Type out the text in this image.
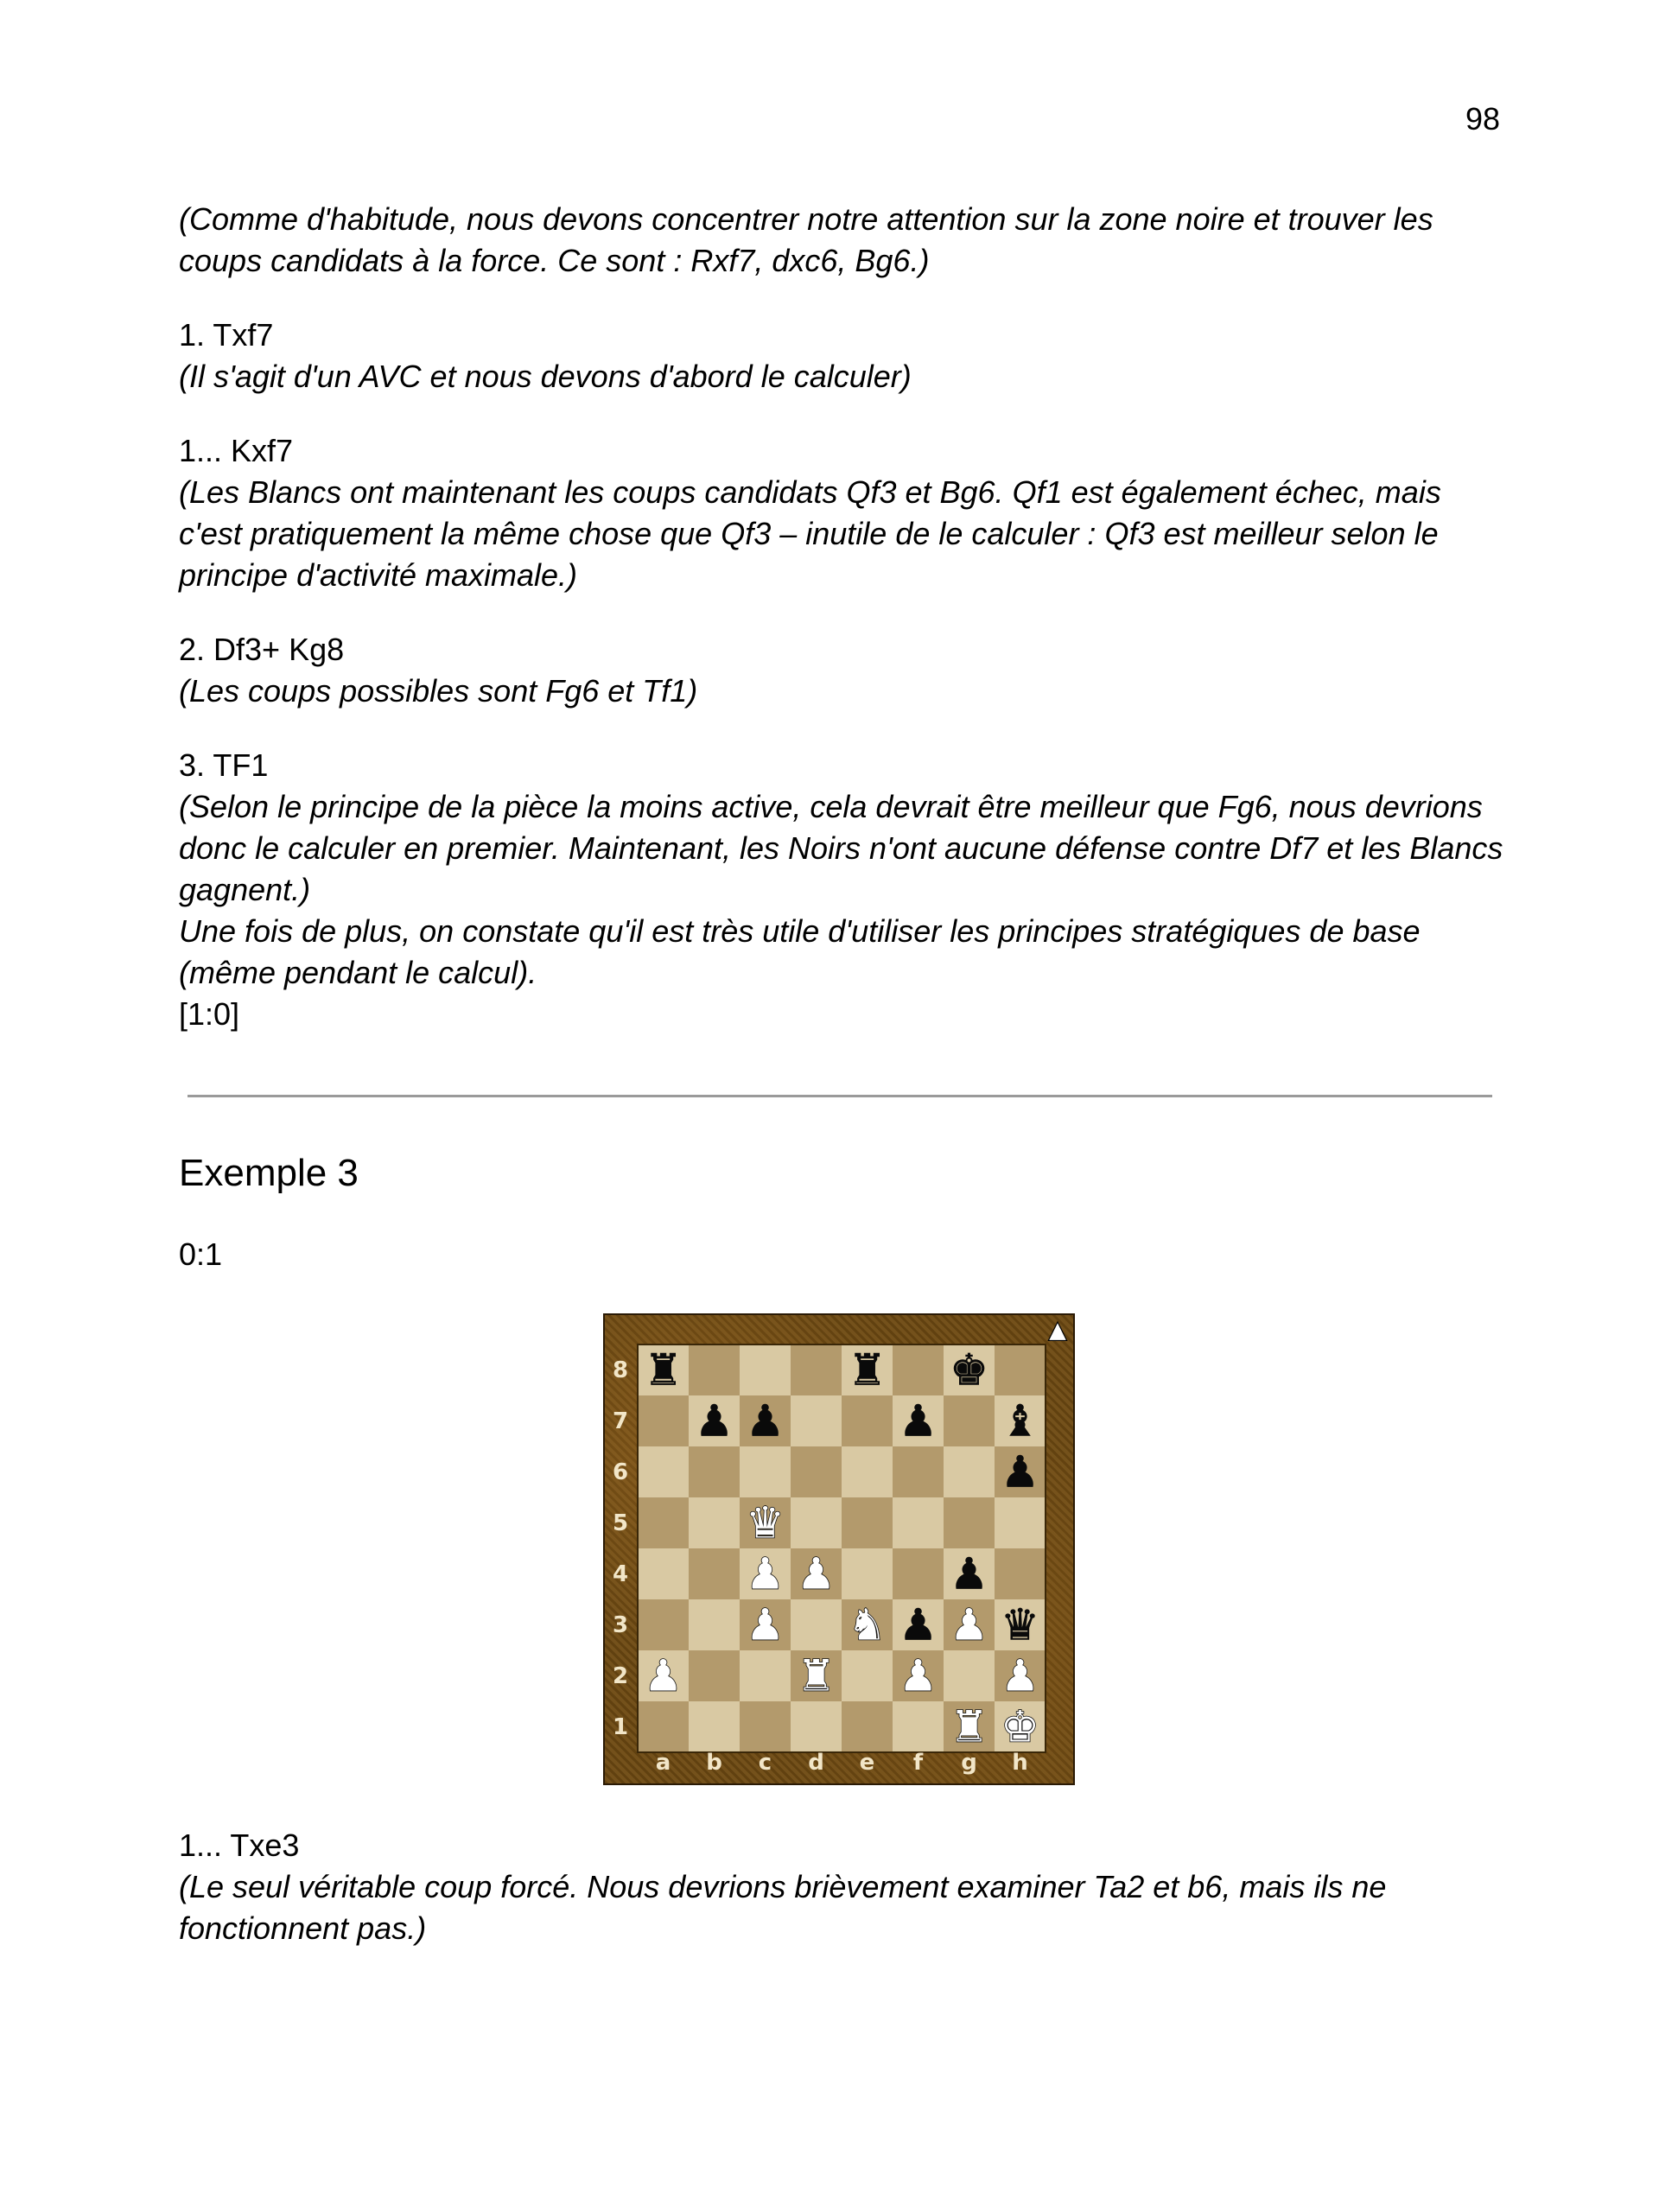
98
(Comme d'habitude, nous devons concentrer notre attention sur la zone noire et trouver les
coups candidats à la force. Ce sont : Rxf7, dxc6, Bg6.)
1. Txf7
(Il s'agit d'un AVC et nous devons d'abord le calculer)
1... Kxf7
(Les Blancs ont maintenant les coups candidats Qf3 et Bg6. Qf1 est également échec, mais
c'est pratiquement la même chose que Qf3 – inutile de le calculer : Qf3 est meilleur selon le
principe d'activité maximale.)
2. Df3+ Kg8
(Les coups possibles sont Fg6 et Tf1)
3. TF1
(Selon le principe de la pièce la moins active, cela devrait être meilleur que Fg6, nous devrions
donc le calculer en premier. Maintenant, les Noirs n'ont aucune défense contre Df7 et les Blancs
gagnent.)
Une fois de plus, on constate qu'il est très utile d'utiliser les principes stratégiques de base
(même pendant le calcul).
[1:0]
Exemple 3
0:1
8
7
6
5
4
3
2
1
a b c d e f g h
▲
♜	♜ ♚
♟ ♟	♟ ♝
♟
♛
♟ ♟	♟
♟ ♞ ♟ ♟ ♛
♟	♜ ♟ ♟
♜ ♚
1... Txe3
(Le seul véritable coup forcé. Nous devrions brièvement examiner Ta2 et b6, mais ils ne
fonctionnent pas.)
